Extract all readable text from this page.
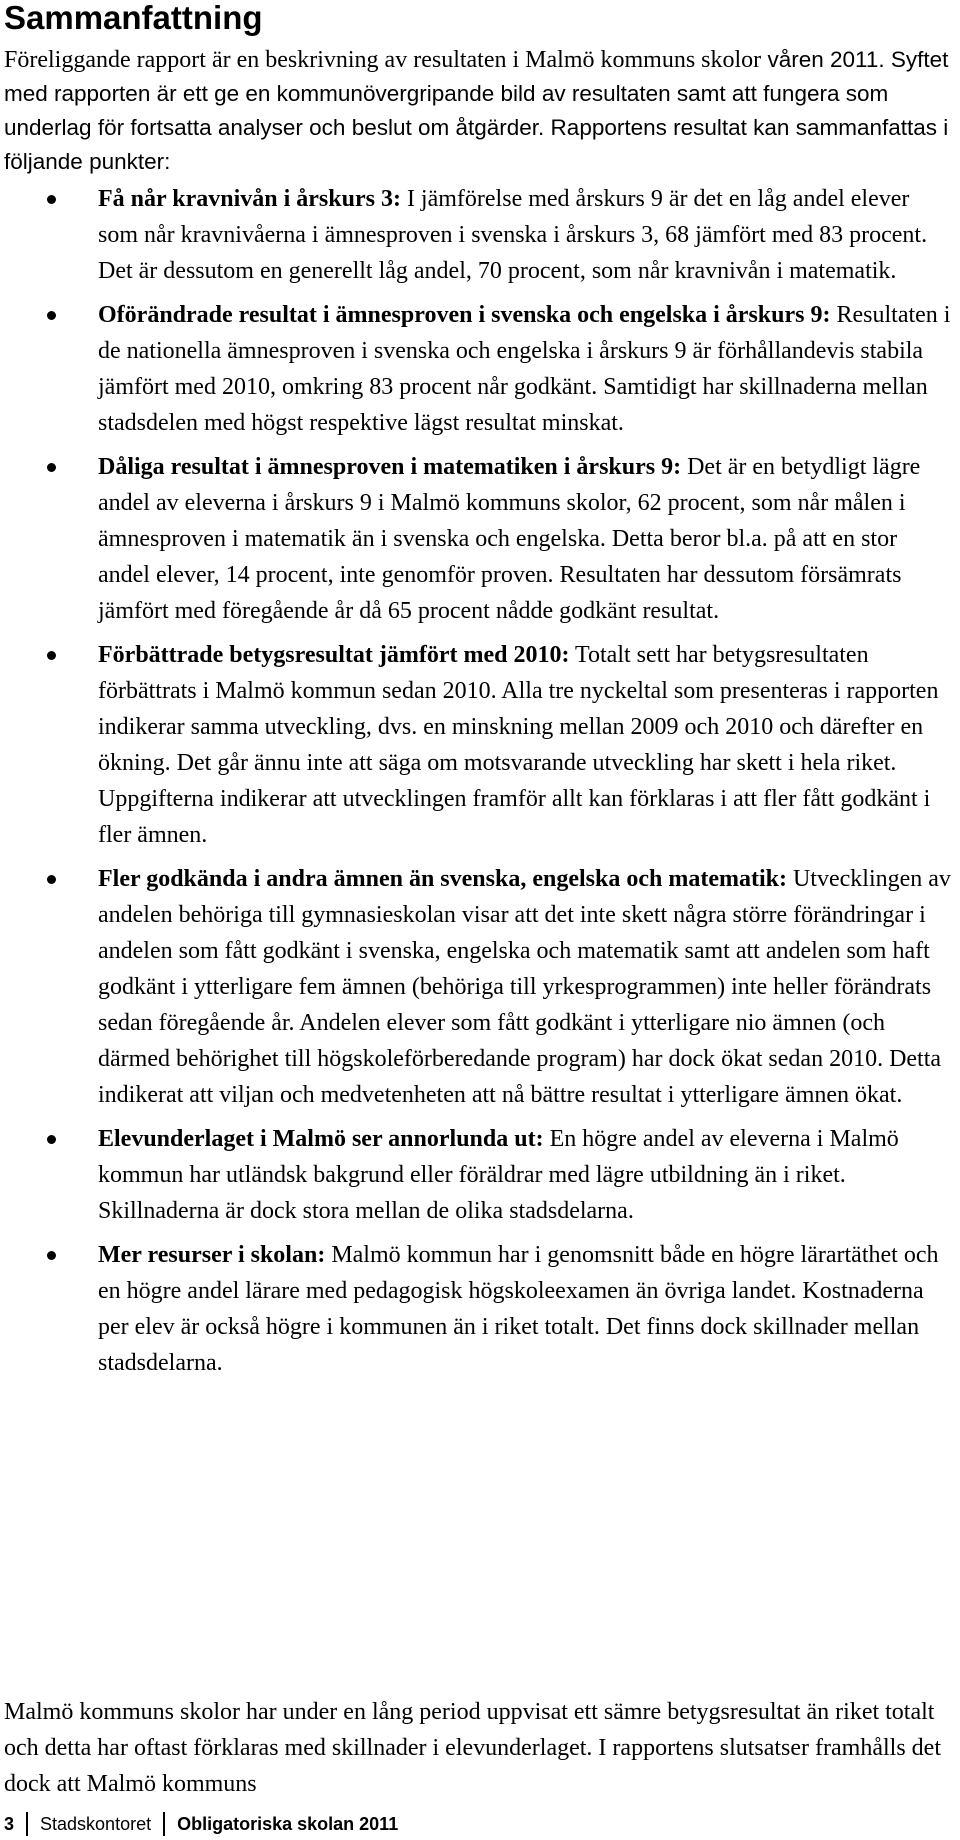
Sammanfattning

Föreliggande rapport är en beskrivning av resultaten i Malmö kommuns skolor våren 2011. Syftet med rapporten är ett ge en kommunövergripande bild av resultaten samt att fungera som underlag för fortsatta analyser och beslut om åtgärder. Rapportens resultat kan sammanfattas i följande punkter:

Få når kravnivån i årskurs 3: I jämförelse med årskurs 9 är det en låg andel elever som når kravnivåerna i ämnesproven i svenska i årskurs 3, 68 jämfört med 83 procent. Det är dessutom en generellt låg andel, 70 procent, som når kravnivån i matematik.
Oförändrade resultat i ämnesproven i svenska och engelska i årskurs 9: Resultaten i de nationella ämnesproven i svenska och engelska i årskurs 9 är förhållandevis stabila jämfört med 2010, omkring 83 procent når godkänt. Samtidigt har skillnaderna mellan stadsdelen med högst respektive lägst resultat minskat.
Dåliga resultat i ämnesproven i matematiken i årskurs 9: Det är en betydligt lägre andel av eleverna i årskurs 9 i Malmö kommuns skolor, 62 procent, som når målen i ämnesproven i matematik än i svenska och engelska. Detta beror bl.a. på att en stor andel elever, 14 procent, inte genomför proven. Resultaten har dessutom försämrats jämfört med föregående år då 65 procent nådde godkänt resultat.
Förbättrade betygsresultat jämfört med 2010: Totalt sett har betygsresultaten förbättrats i Malmö kommun sedan 2010. Alla tre nyckeltal som presenteras i rapporten indikerar samma utveckling, dvs. en minskning mellan 2009 och 2010 och därefter en ökning. Det går ännu inte att säga om motsvarande utveckling har skett i hela riket. Uppgifterna indikerar att utvecklingen framför allt kan förklaras i att fler fått godkänt i fler ämnen.
Fler godkända i andra ämnen än svenska, engelska och matematik: Utvecklingen av andelen behöriga till gymnasieskolan visar att det inte skett några större förändringar i andelen som fått godkänt i svenska, engelska och matematik samt att andelen som haft godkänt i ytterligare fem ämnen (behöriga till yrkesprogrammen) inte heller förändrats sedan föregående år. Andelen elever som fått godkänt i ytterligare nio ämnen (och därmed behörighet till högskoleförberedande program) har dock ökat sedan 2010. Detta indikerat att viljan och medvetenheten att nå bättre resultat i ytterligare ämnen ökat.
Elevunderlaget i Malmö ser annorlunda ut: En högre andel av eleverna i Malmö kommun har utländsk bakgrund eller föräldrar med lägre utbildning än i riket. Skillnaderna är dock stora mellan de olika stadsdelarna.
Mer resurser i skolan: Malmö kommun har i genomsnitt både en högre lärartäthet och en högre andel lärare med pedagogisk högskoleexamen än övriga landet. Kostnaderna per elev är också högre i kommunen än i riket totalt. Det finns dock skillnader mellan stadsdelarna.

Malmö kommuns skolor har under en lång period uppvisat ett sämre betygsresultat än riket totalt och detta har oftast förklaras med skillnader i elevunderlaget. I rapportens slutsatser framhålls det dock att Malmö kommuns

3 Stadskontoret Obligatoriska skolan 2011
